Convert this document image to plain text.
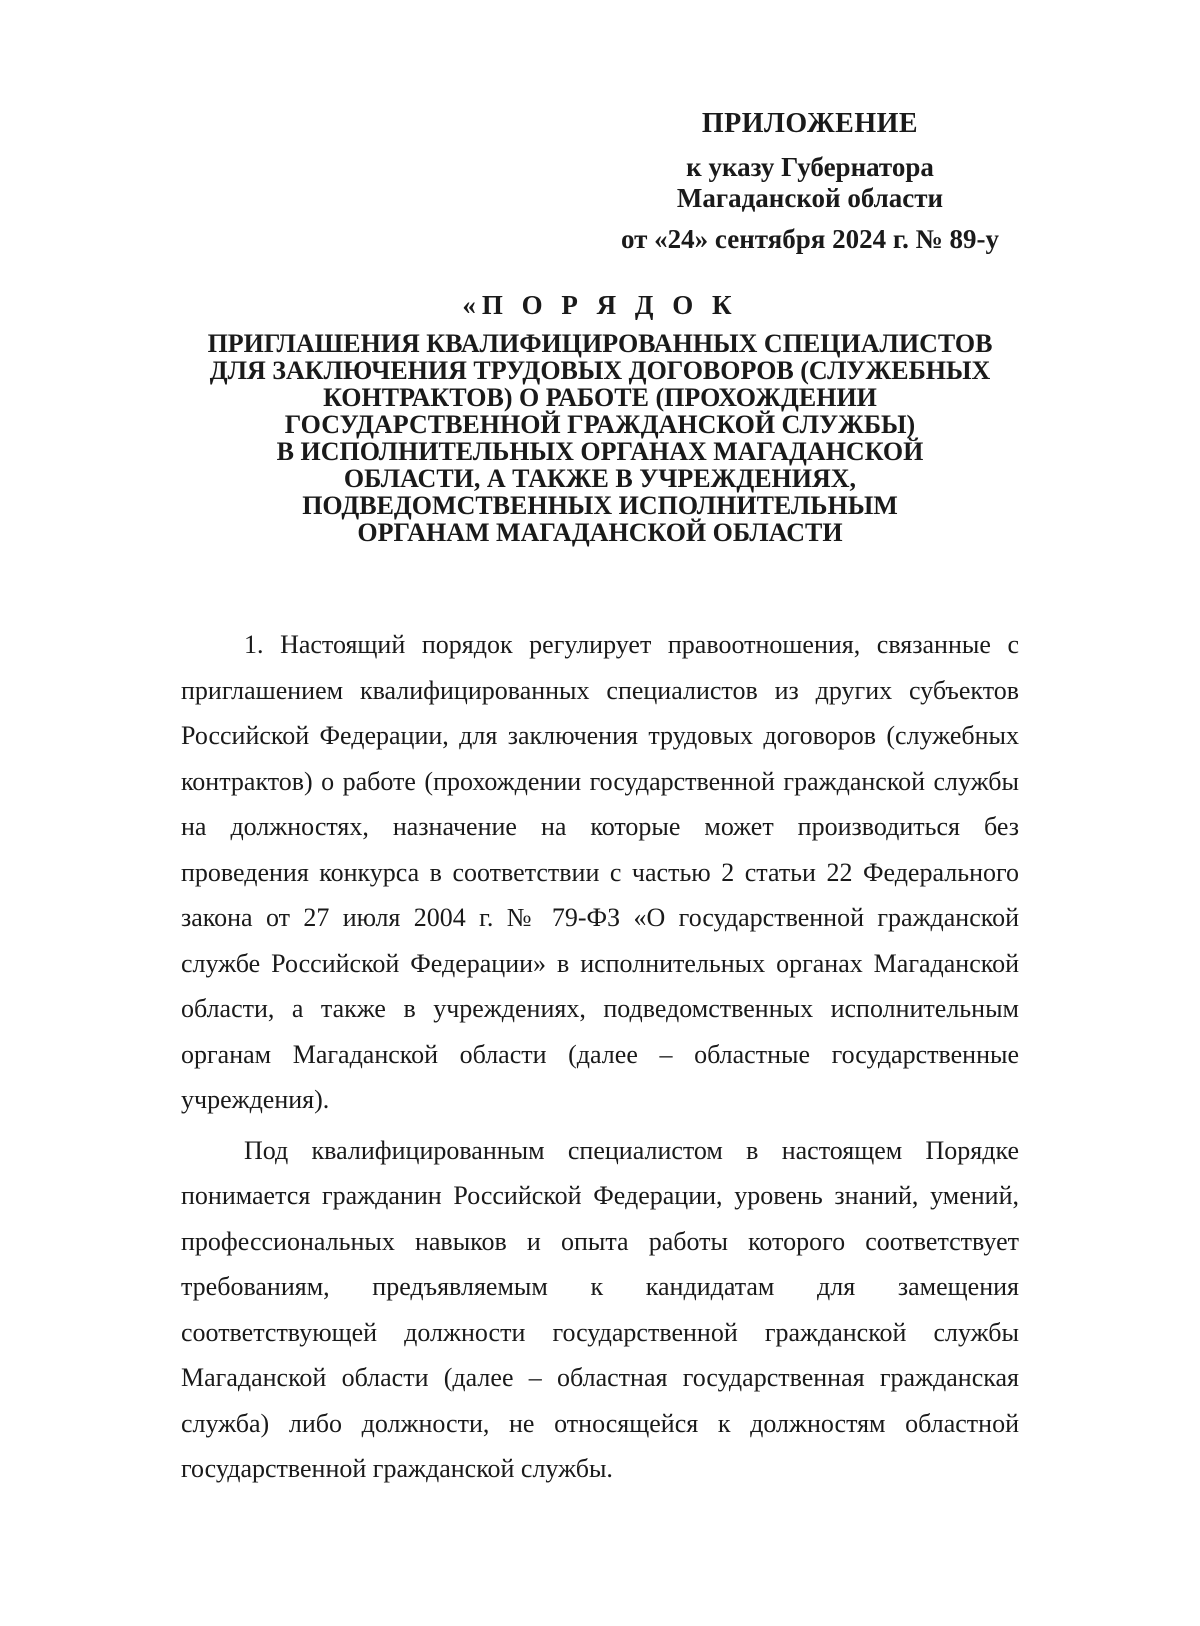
ПРИЛОЖЕНИЕ
к указу Губернатора
Магаданской области
от «24» сентября 2024 г. № 89-у
«П О Р Я Д О К
ПРИГЛАШЕНИЯ КВАЛИФИЦИРОВАННЫХ СПЕЦИАЛИСТОВ
ДЛЯ ЗАКЛЮЧЕНИЯ ТРУДОВЫХ ДОГОВОРОВ (СЛУЖЕБНЫХ
КОНТРАКТОВ) О РАБОТЕ (ПРОХОЖДЕНИИ
ГОСУДАРСТВЕННОЙ ГРАЖДАНСКОЙ СЛУЖБЫ)
В ИСПОЛНИТЕЛЬНЫХ ОРГАНАХ МАГАДАНСКОЙ
ОБЛАСТИ, А ТАКЖЕ В УЧРЕЖДЕНИЯХ,
ПОДВЕДОМСТВЕННЫХ ИСПОЛНИТЕЛЬНЫМ
ОРГАНАМ МАГАДАНСКОЙ ОБЛАСТИ

1. Настоящий порядок регулирует правоотношения, связанные с приглашением квалифицированных специалистов из других субъектов Российской Федерации, для заключения трудовых договоров (служебных контрактов) о работе (прохождении государственной гражданской службы на должностях, назначение на которые может производиться без проведения конкурса в соответствии с частью 2 статьи 22 Федерального закона от 27 июля 2004 г. № 79-ФЗ «О государственной гражданской службе Российской Федерации» в исполнительных органах Магаданской области, а также в учреждениях, подведомственных исполнительным органам Магаданской области (далее – областные государственные учреждения).

Под квалифицированным специалистом в настоящем Порядке понимается гражданин Российской Федерации, уровень знаний, умений, профессиональных навыков и опыта работы которого соответствует требованиям, предъявляемым к кандидатам для замещения соответствующей должности государственной гражданской службы Магаданской области (далее – областная государственная гражданская служба) либо должности, не относящейся к должностям областной государственной гражданской службы.
